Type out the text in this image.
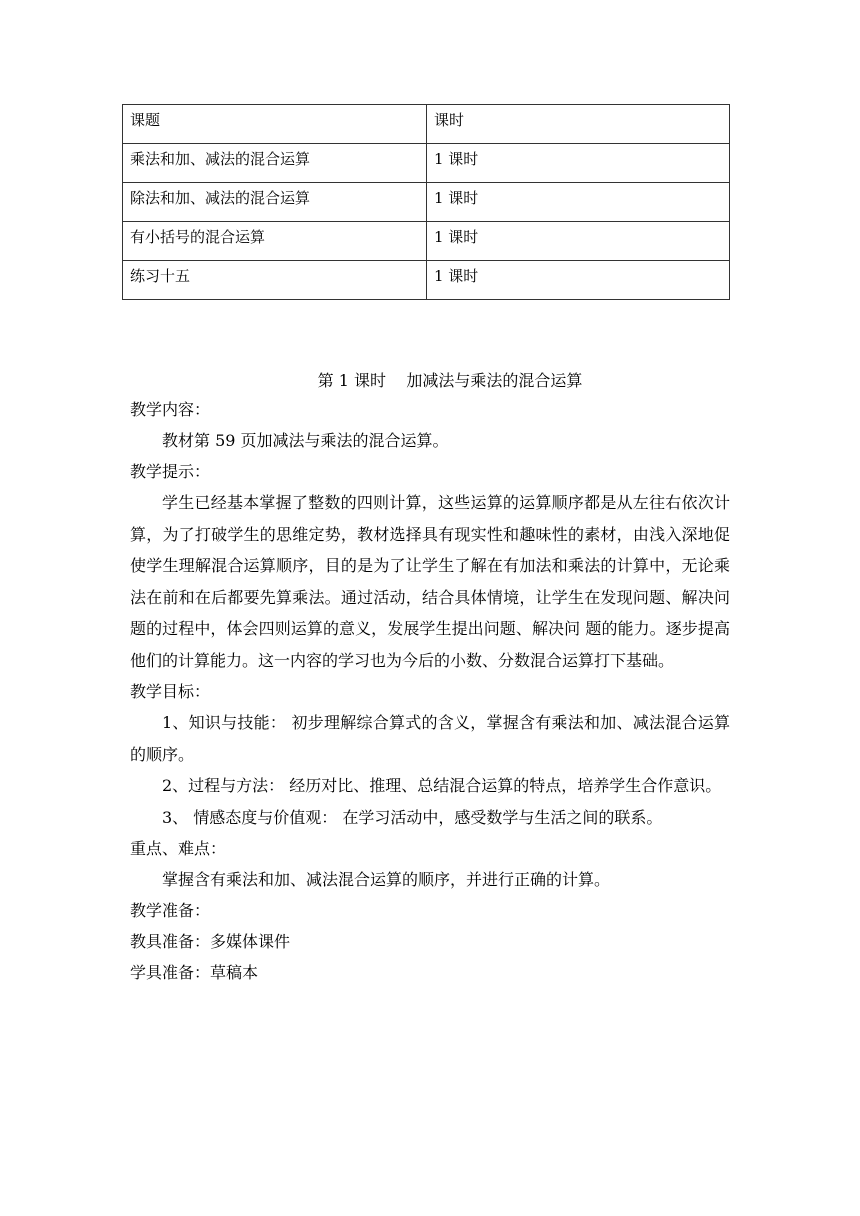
课题	课时
乘法和加、减法的混合运算	1 课时
除法和加、减法的混合运算	1 课时
有小括号的混合运算	1 课时
练习十五	1 课时

第 1 课时    加减法与乘法的混合运算

教学内容：

教材第 59 页加减法与乘法的混合运算。

教学提示：

学生已经基本掌握了整数的四则计算，这些运算的运算顺序都是从左往右依次计算，为了打破学生的思维定势，教材选择具有现实性和趣味性的素材，由浅入深地促使学生理解混合运算顺序，目的是为了让学生了解在有加法和乘法的计算中，无论乘法在前和在后都要先算乘法。通过活动，结合具体情境，让学生在发现问题、解决问题的过程中，体会四则运算的意义，发展学生提出问题、解决问 题的能力。逐步提高他们的计算能力。这一内容的学习也为今后的小数、分数混合运算打下基础。

教学目标：

1、知识与技能： 初步理解综合算式的含义，掌握含有乘法和加、减法混合运算的顺序。

2、过程与方法： 经历对比、推理、总结混合运算的特点，培养学生合作意识。

3、 情感态度与价值观： 在学习活动中，感受数学与生活之间的联系。

重点、难点：

掌握含有乘法和加、减法混合运算的顺序，并进行正确的计算。

教学准备：

教具准备：多媒体课件

学具准备：草稿本
